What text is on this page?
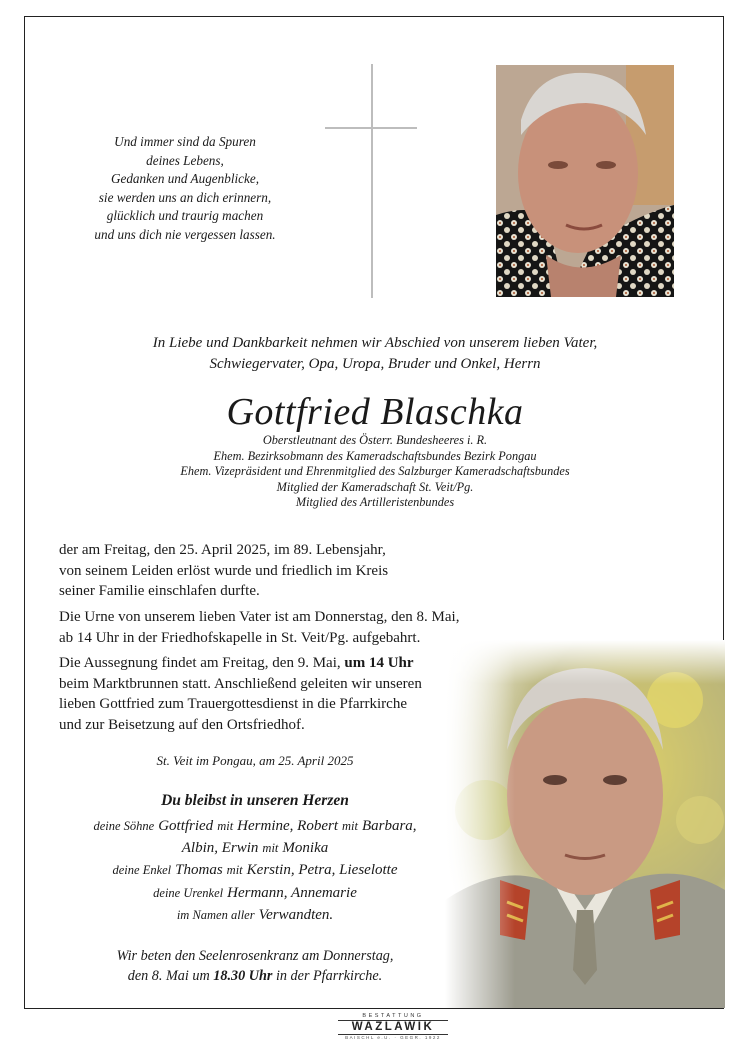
Und immer sind da Spuren
deines Lebens,
Gedanken und Augenblicke,
sie werden uns an dich erinnern,
glücklich und traurig machen
und uns dich nie vergessen lassen.
In Liebe und Dankbarkeit nehmen wir Abschied von unserem lieben Vater,
Schwiegervater, Opa, Uropa, Bruder und Onkel, Herrn
Gottfried Blaschka
Oberstleutnant des Österr. Bundesheeres i. R.
Ehem. Bezirksobmann des Kameradschaftsbundes Bezirk Pongau
Ehem. Vizepräsident und Ehrenmitglied des Salzburger Kameradschaftsbundes
Mitglied der Kameradschaft St. Veit/Pg.
Mitglied des Artilleristenbundes
der am Freitag, den 25. April 2025, im 89. Lebensjahr,
von seinem Leiden erlöst wurde und friedlich im Kreis
seiner Familie einschlafen durfte.
Die Urne von unserem lieben Vater ist am Donnerstag, den 8. Mai,
ab 14 Uhr in der Friedhofskapelle in St. Veit/Pg. aufgebahrt.
Die Aussegnung findet am Freitag, den 9. Mai, um 14 Uhr
beim Marktbrunnen statt. Anschließend geleiten wir unseren
lieben Gottfried zum Trauergottesdienst in die Pfarrkirche
und zur Beisetzung auf den Ortsfriedhof.
St. Veit im Pongau, am 25. April 2025
Du bleibst in unseren Herzen
deine Söhne Gottfried mit Hermine, Robert mit Barbara,
Albin, Erwin mit Monika
deine Enkel Thomas mit Kerstin, Petra, Lieselotte
deine Urenkel Hermann, Annemarie
im Namen aller Verwandten.
Wir beten den Seelenrosenkranz am Donnerstag,
den 8. Mai um 18.30 Uhr in der Pfarrkirche.
BESTATTUNG
WAZLAWIK
BAISCHL e.U. · GEGR. 1922
